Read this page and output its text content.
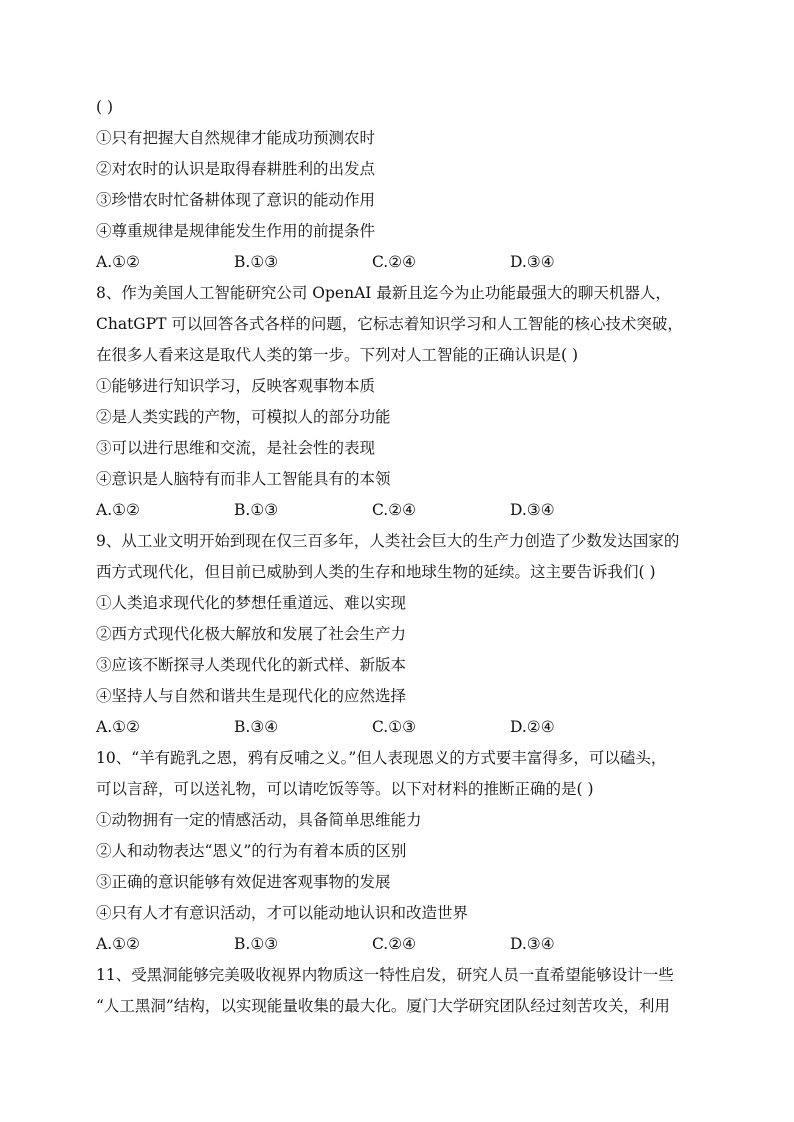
( )
①只有把握大自然规律才能成功预测农时
②对农时的认识是取得春耕胜利的出发点
③珍惜农时忙备耕体现了意识的能动作用
④尊重规律是规律能发生作用的前提条件
A.①②	B.①③	C.②④	D.③④
8、作为美国人工智能研究公司 OpenAI 最新且迄今为止功能最强大的聊天机器人，
ChatGPT 可以回答各式各样的问题，它标志着知识学习和人工智能的核心技术突破，
在很多人看来这是取代人类的第一步。下列对人工智能的正确认识是( )
①能够进行知识学习，反映客观事物本质
②是人类实践的产物，可模拟人的部分功能
③可以进行思维和交流，是社会性的表现
④意识是人脑特有而非人工智能具有的本领
A.①②	B.①③	C.②④	D.③④
9、从工业文明开始到现在仅三百多年，人类社会巨大的生产力创造了少数发达国家的
西方式现代化，但目前已威胁到人类的生存和地球生物的延续。这主要告诉我们( )
①人类追求现代化的梦想任重道远、难以实现
②西方式现代化极大解放和发展了社会生产力
③应该不断探寻人类现代化的新式样、新版本
④坚持人与自然和谐共生是现代化的应然选择
A.①②	B.③④	C.①③	D.②④
10、“羊有跪乳之恩，鸦有反哺之义。”但人表现恩义的方式要丰富得多，可以磕头，
可以言辞，可以送礼物，可以请吃饭等等。以下对材料的推断正确的是( )
①动物拥有一定的情感活动，具备简单思维能力
②人和动物表达“恩义”的行为有着本质的区别
③正确的意识能够有效促进客观事物的发展
④只有人才有意识活动，才可以能动地认识和改造世界
A.①②	B.①③	C.②④	D.③④
11、受黑洞能够完美吸收视界内物质这一特性启发，研究人员一直希望能够设计一些
“人工黑洞”结构，以实现能量收集的最大化。厦门大学研究团队经过刻苦攻关，利用
